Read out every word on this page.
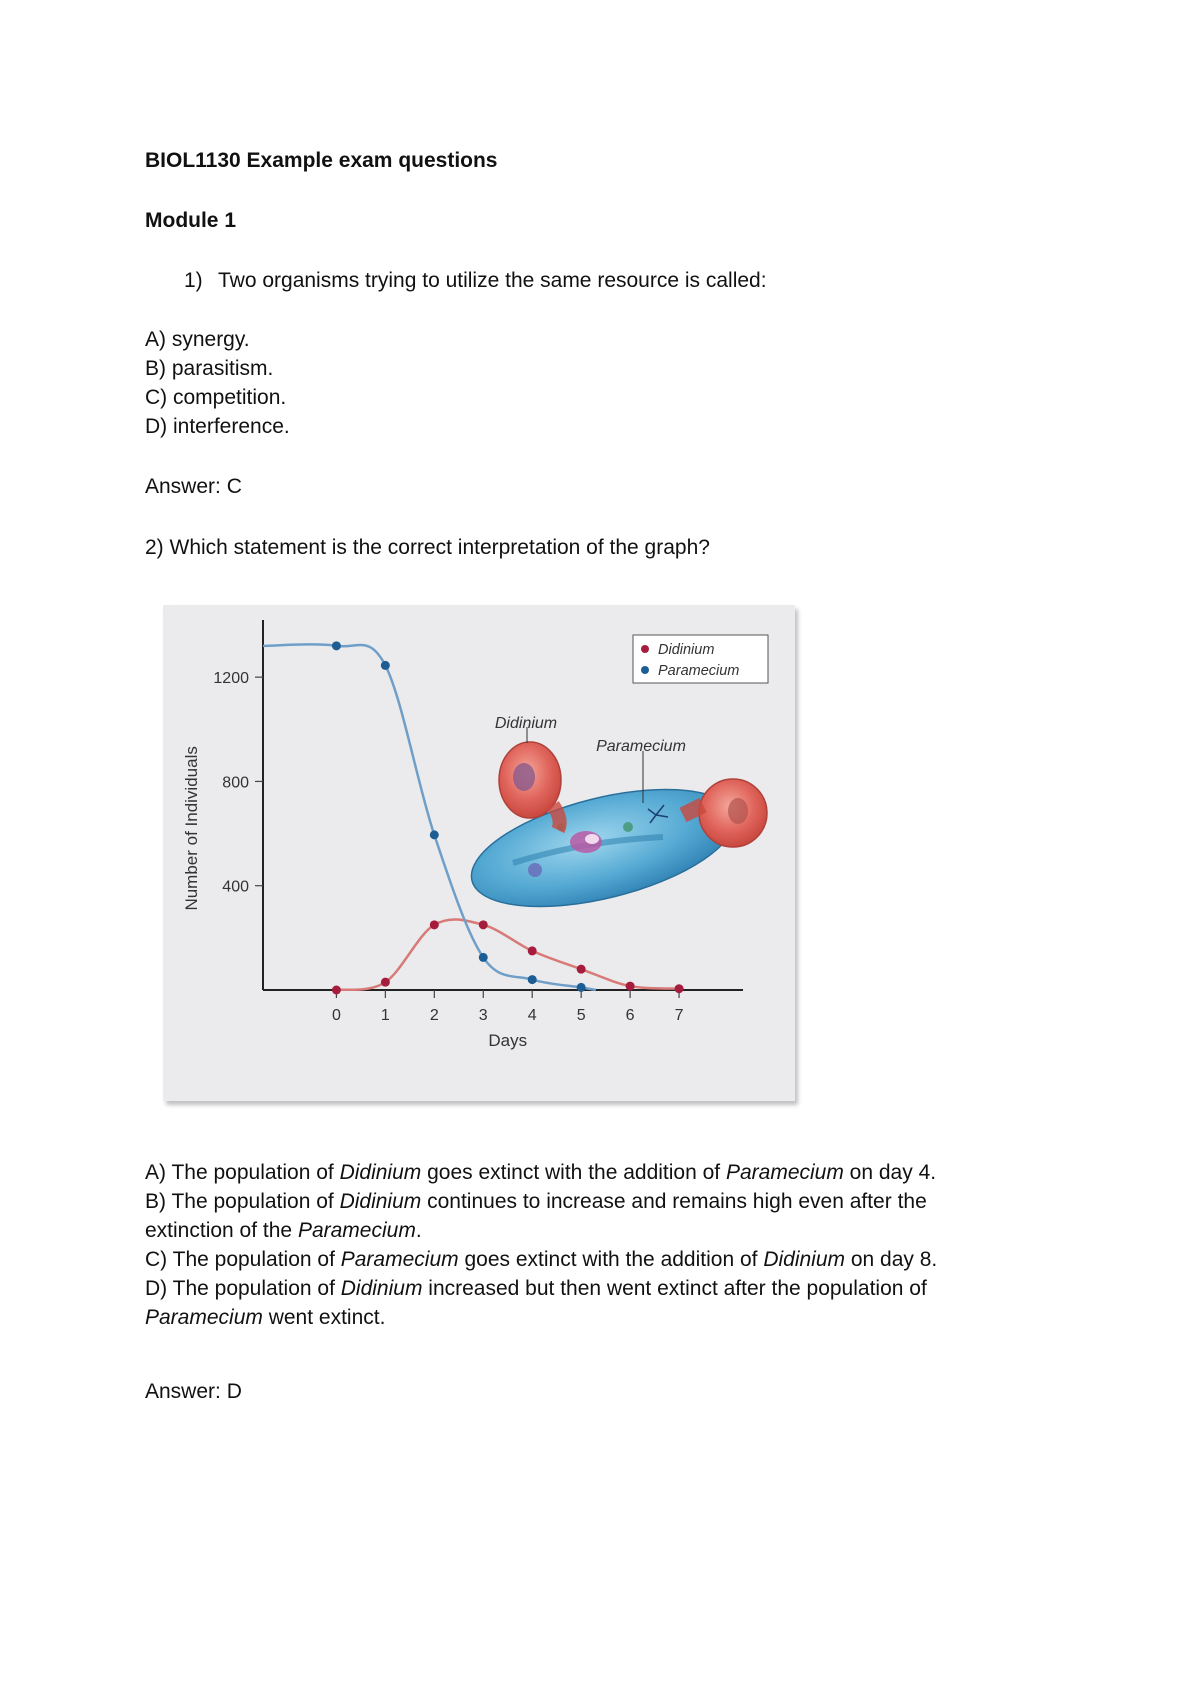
BIOL1130 Example exam questions
Module 1
1) Two organisms trying to utilize the same resource is called:
A) synergy.
B) parasitism.
C) competition.
D) interference.
Answer: C
2) Which statement is the correct interpretation of the graph?
Didinium
Paramecium
Didinium
Paramecium
400
800
1200
0	1	2	3	4	5	6	7
Days
Number of Individuals

A) The population of Didinium goes extinct with the addition of Paramecium on day 4.

B) The population of Didinium continues to increase and remains high even after the

extinction of the Paramecium.

C) The population of Paramecium goes extinct with the addition of Didinium on day 8.

D) The population of Didinium increased but then went extinct after the population of

Paramecium went extinct.

Answer: D
